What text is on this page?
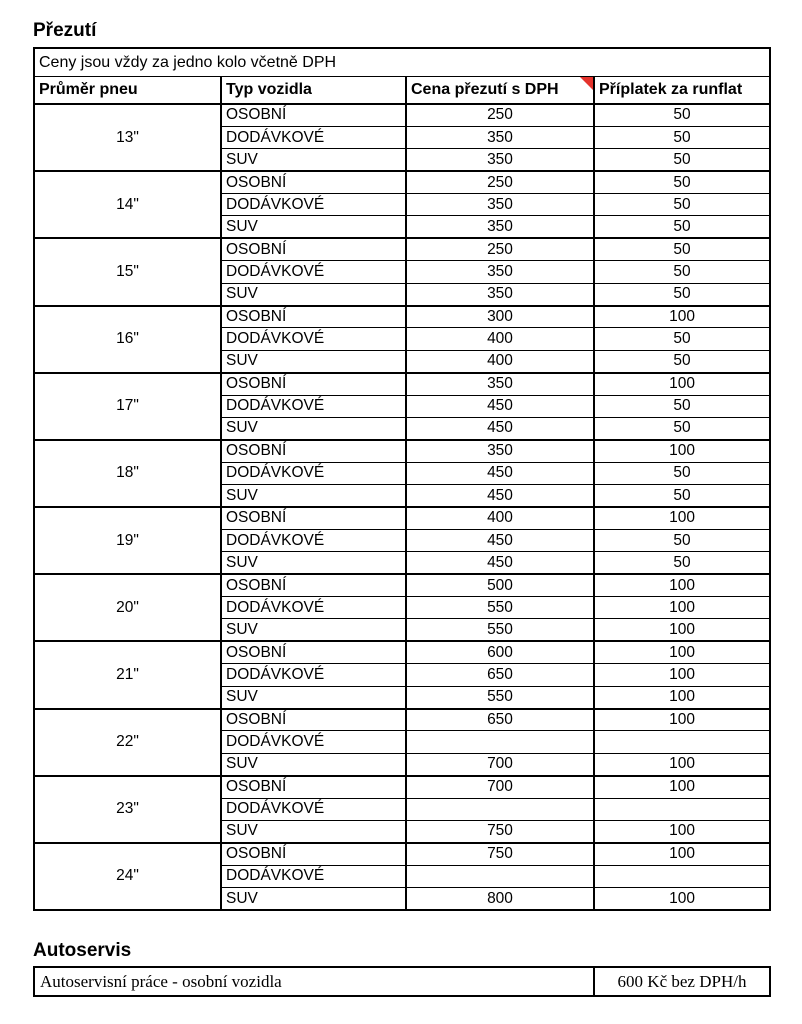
Přezutí
Ceny jsou vždy za jedno kolo včetně DPH			
Průměr pneu	Typ vozidla	Cena přezutí s DPH	Příplatek za runflat
13"	OSOBNÍ	250	50
	DODÁVKOVÉ	350	50
	SUV	350	50
14"	OSOBNÍ	250	50
	DODÁVKOVÉ	350	50
	SUV	350	50
15"	OSOBNÍ	250	50
	DODÁVKOVÉ	350	50
	SUV	350	50
16"	OSOBNÍ	300	100
	DODÁVKOVÉ	400	50
	SUV	400	50
17"	OSOBNÍ	350	100
	DODÁVKOVÉ	450	50
	SUV	450	50
18"	OSOBNÍ	350	100
	DODÁVKOVÉ	450	50
	SUV	450	50
19"	OSOBNÍ	400	100
	DODÁVKOVÉ	450	50
	SUV	450	50
20"	OSOBNÍ	500	100
	DODÁVKOVÉ	550	100
	SUV	550	100
21"	OSOBNÍ	600	100
	DODÁVKOVÉ	650	100
	SUV	550	100
22"	OSOBNÍ	650	100
	DODÁVKOVÉ		
	SUV	700	100
23"	OSOBNÍ	700	100
	DODÁVKOVÉ		
	SUV	750	100
24"	OSOBNÍ	750	100
	DODÁVKOVÉ		
	SUV	800	100
Autoservis
Autoservisní práce - osobní vozidla	600 Kč bez DPH/h
